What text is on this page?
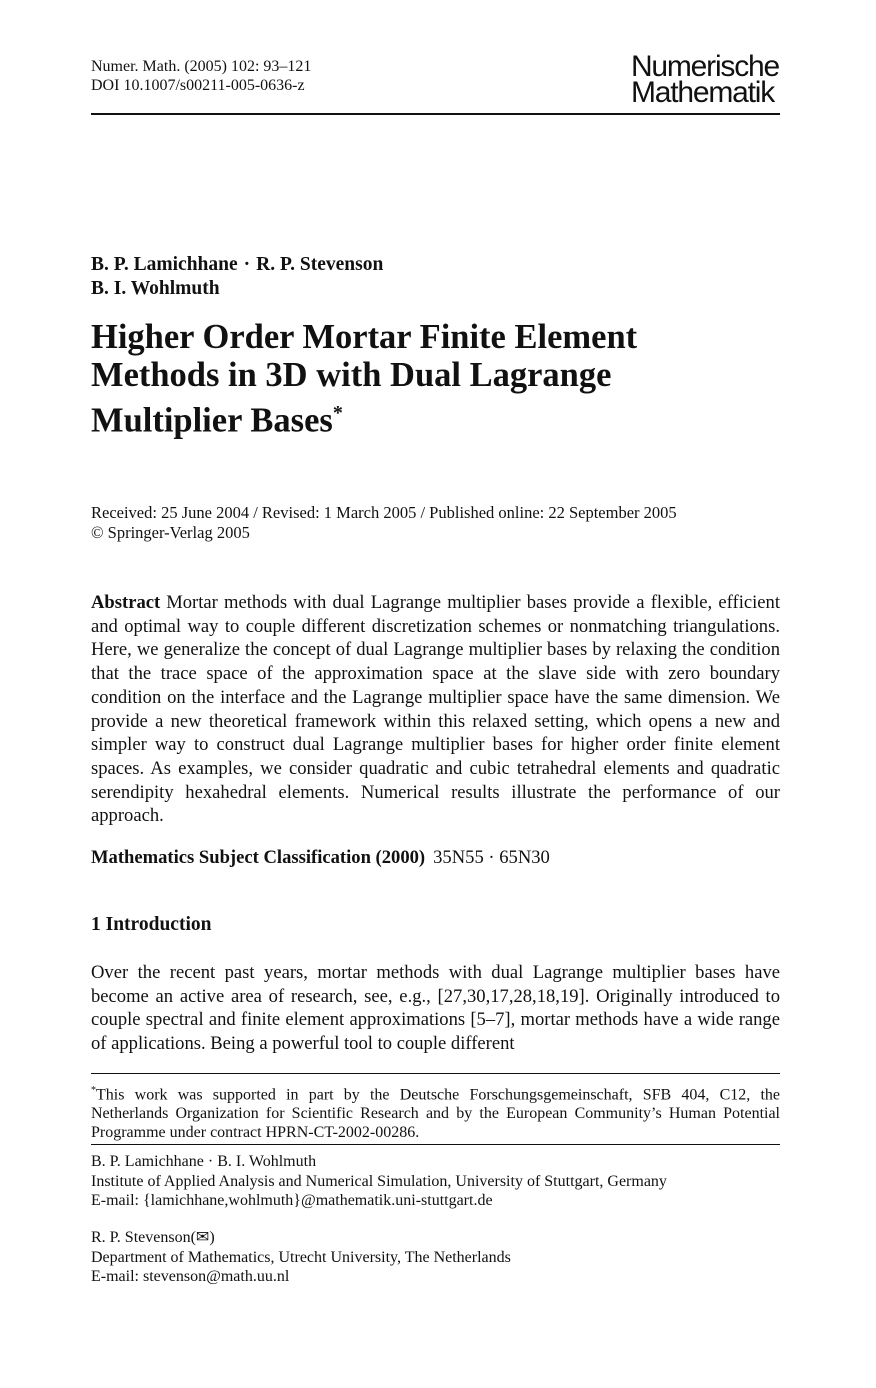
Numer. Math. (2005) 102: 93–121
DOI 10.1007/s00211-005-0636-z
Numerische
Mathematik
B. P. Lamichhane · R. P. Stevenson
B. I. Wohlmuth
Higher Order Mortar Finite Element
Methods in 3D with Dual Lagrange
Multiplier Bases*
Received: 25 June 2004 / Revised: 1 March 2005 / Published online: 22 September 2005
© Springer-Verlag 2005

Abstract Mortar methods with dual Lagrange multiplier bases provide a flexible, efficient and optimal way to couple different discretization schemes or nonmatching triangulations. Here, we generalize the concept of dual Lagrange multiplier bases by relaxing the condition that the trace space of the approximation space at the slave side with zero boundary condition on the interface and the Lagrange multiplier space have the same dimension. We provide a new theoretical framework within this relaxed setting, which opens a new and simpler way to construct dual Lagrange multiplier bases for higher order finite element spaces. As examples, we consider quadratic and cubic tetrahedral elements and quadratic serendipity hexahedral elements. Numerical results illustrate the performance of our approach.

Mathematics Subject Classification (2000) 35N55 · 65N30
1 Introduction

Over the recent past years, mortar methods with dual Lagrange multiplier bases have become an active area of research, see, e.g., [27,30,17,28,18,19]. Originally introduced to couple spectral and finite element approximations [5–7], mortar methods have a wide range of applications. Being a powerful tool to couple different

*This work was supported in part by the Deutsche Forschungsgemeinschaft, SFB 404, C12, the Netherlands Organization for Scientific Research and by the European Community’s Human Potential Programme under contract HPRN-CT-2002-00286.

B. P. Lamichhane · B. I. Wohlmuth
Institute of Applied Analysis and Numerical Simulation, University of Stuttgart, Germany
E-mail: {lamichhane,wohlmuth}@mathematik.uni-stuttgart.de
R. P. Stevenson(✉)
Department of Mathematics, Utrecht University, The Netherlands
E-mail: stevenson@math.uu.nl
